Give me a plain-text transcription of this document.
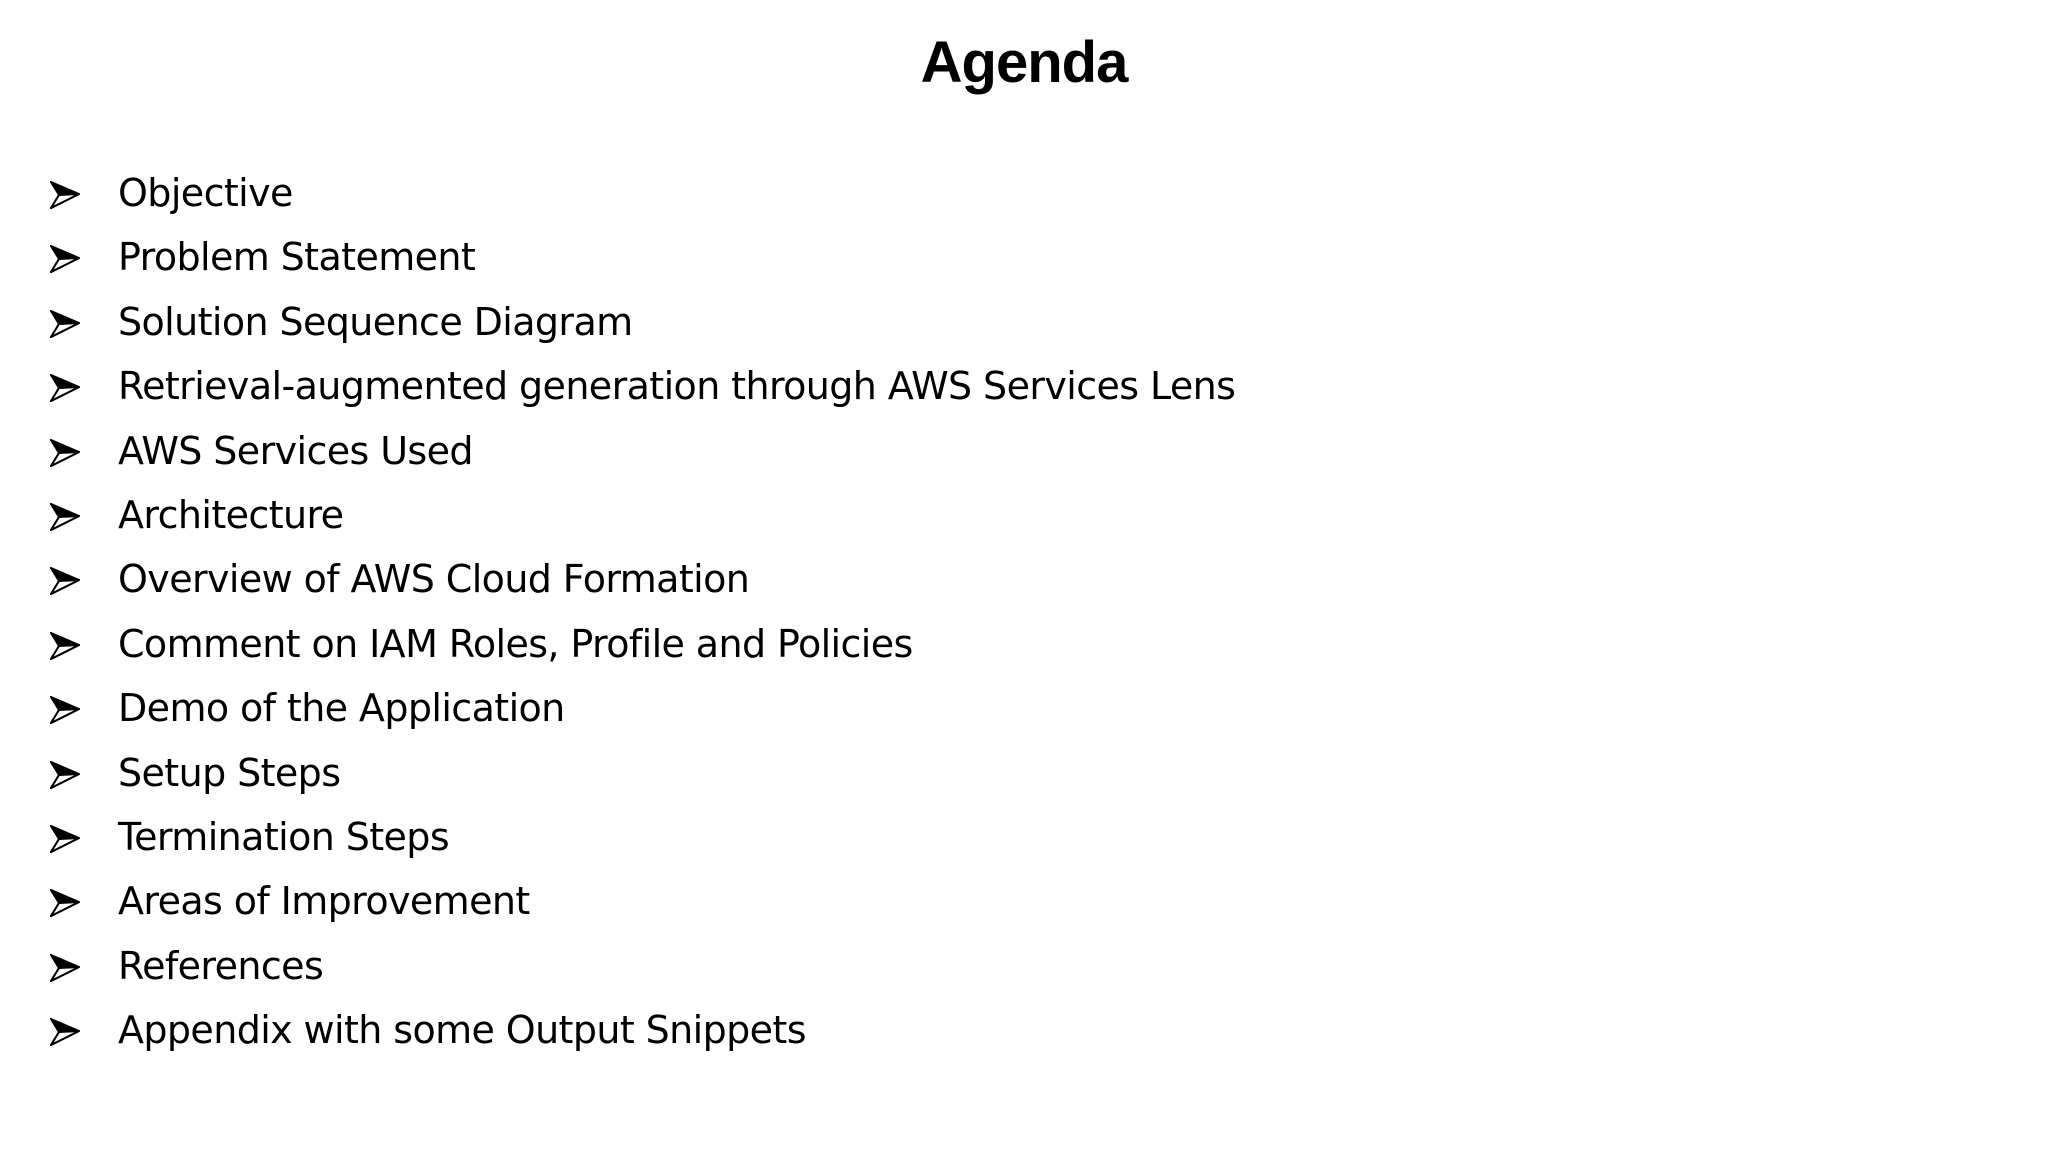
Agenda
Objective
Problem Statement
Solution Sequence Diagram
Retrieval-augmented generation through AWS Services Lens
AWS Services Used
Architecture
Overview of AWS Cloud Formation
Comment on IAM Roles, Profile and Policies
Demo of the Application
Setup Steps
Termination Steps
Areas of Improvement
References
Appendix with some Output Snippets
